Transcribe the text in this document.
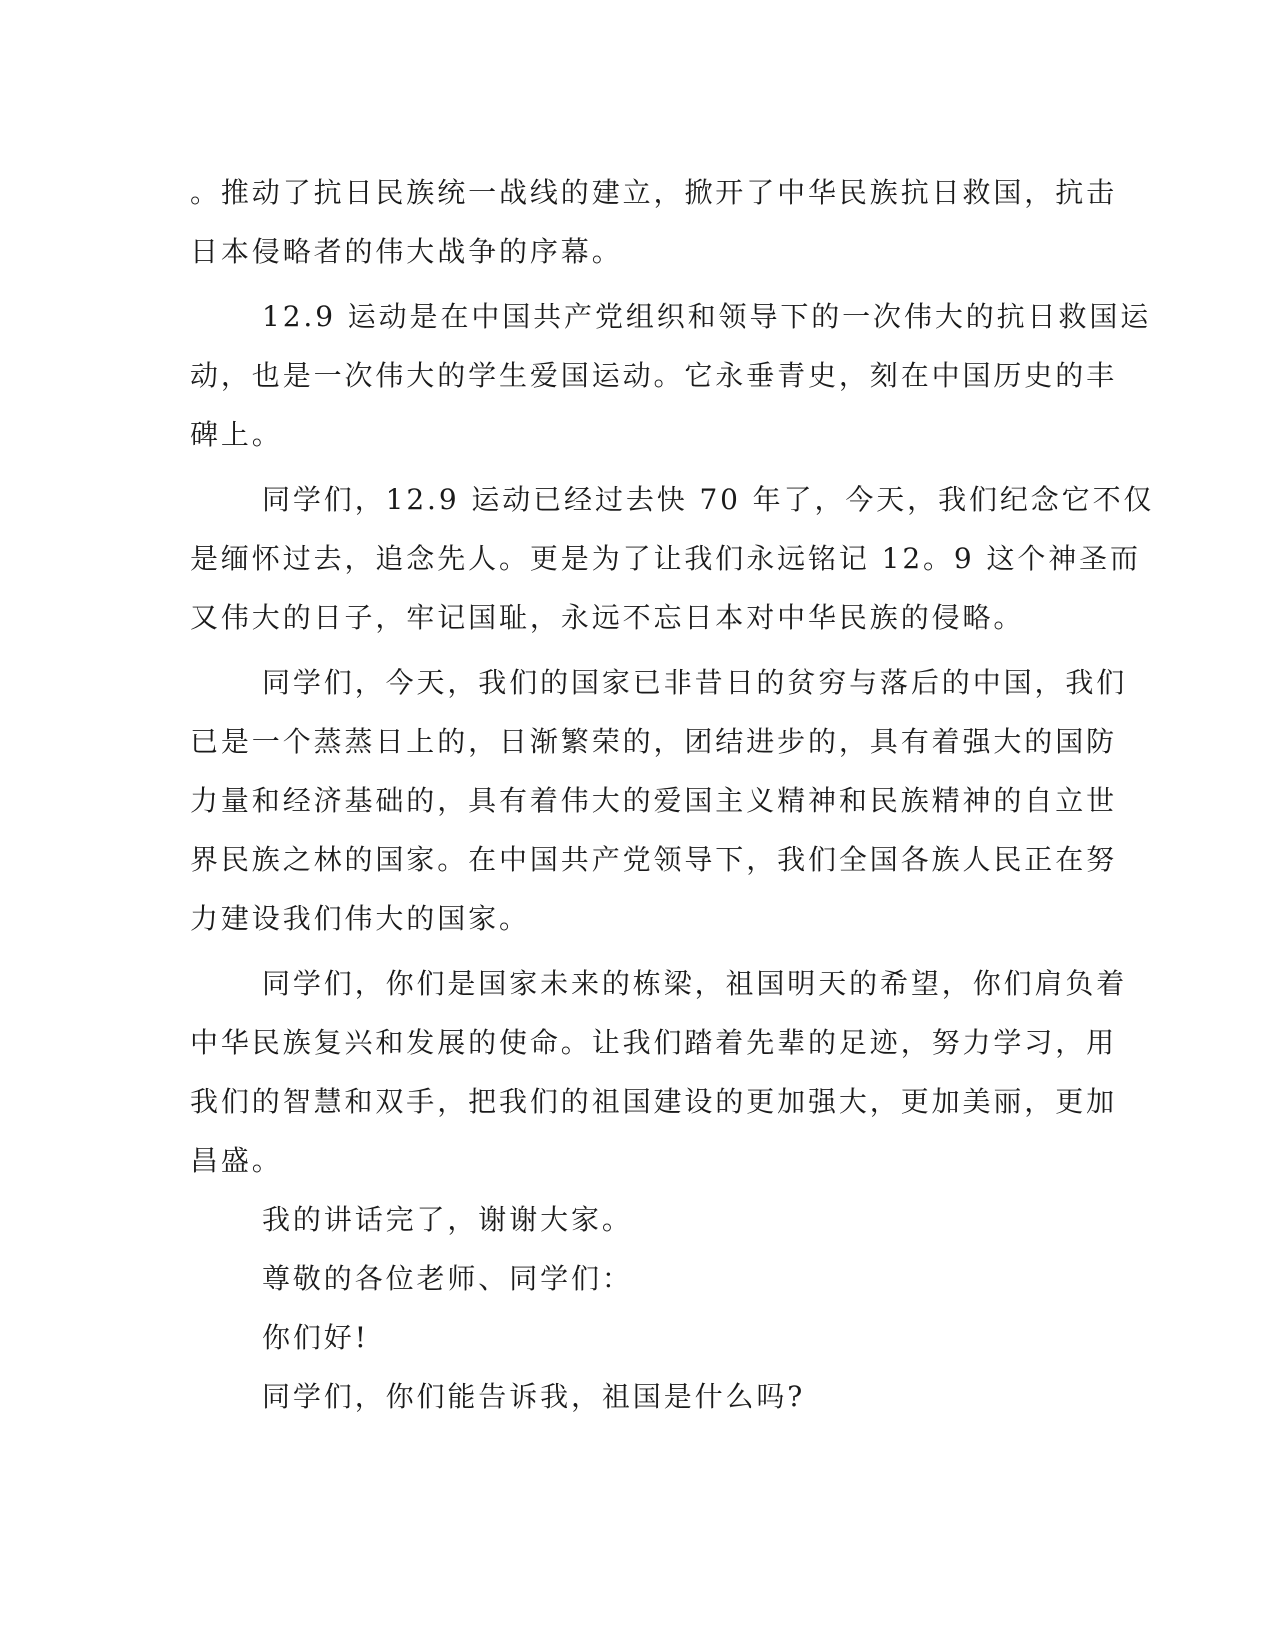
。推动了抗日民族统一战线的建立，掀开了中华民族抗日救国，抗击
日本侵略者的伟大战争的序幕。
12.9 运动是在中国共产党组织和领导下的一次伟大的抗日救国运
动，也是一次伟大的学生爱国运动。它永垂青史，刻在中国历史的丰
碑上。
同学们，12.9 运动已经过去快 70 年了，今天，我们纪念它不仅
是缅怀过去，追念先人。更是为了让我们永远铭记 12。9 这个神圣而
又伟大的日子，牢记国耻，永远不忘日本对中华民族的侵略。
同学们，今天，我们的国家已非昔日的贫穷与落后的中国，我们
已是一个蒸蒸日上的，日渐繁荣的，团结进步的，具有着强大的国防
力量和经济基础的，具有着伟大的爱国主义精神和民族精神的自立世
界民族之林的国家。在中国共产党领导下，我们全国各族人民正在努
力建设我们伟大的国家。
同学们，你们是国家未来的栋梁，祖国明天的希望，你们肩负着
中华民族复兴和发展的使命。让我们踏着先辈的足迹，努力学习，用
我们的智慧和双手，把我们的祖国建设的更加强大，更加美丽，更加
昌盛。
我的讲话完了，谢谢大家。
尊敬的各位老师、同学们：
你们好!
同学们，你们能告诉我，祖国是什么吗?
